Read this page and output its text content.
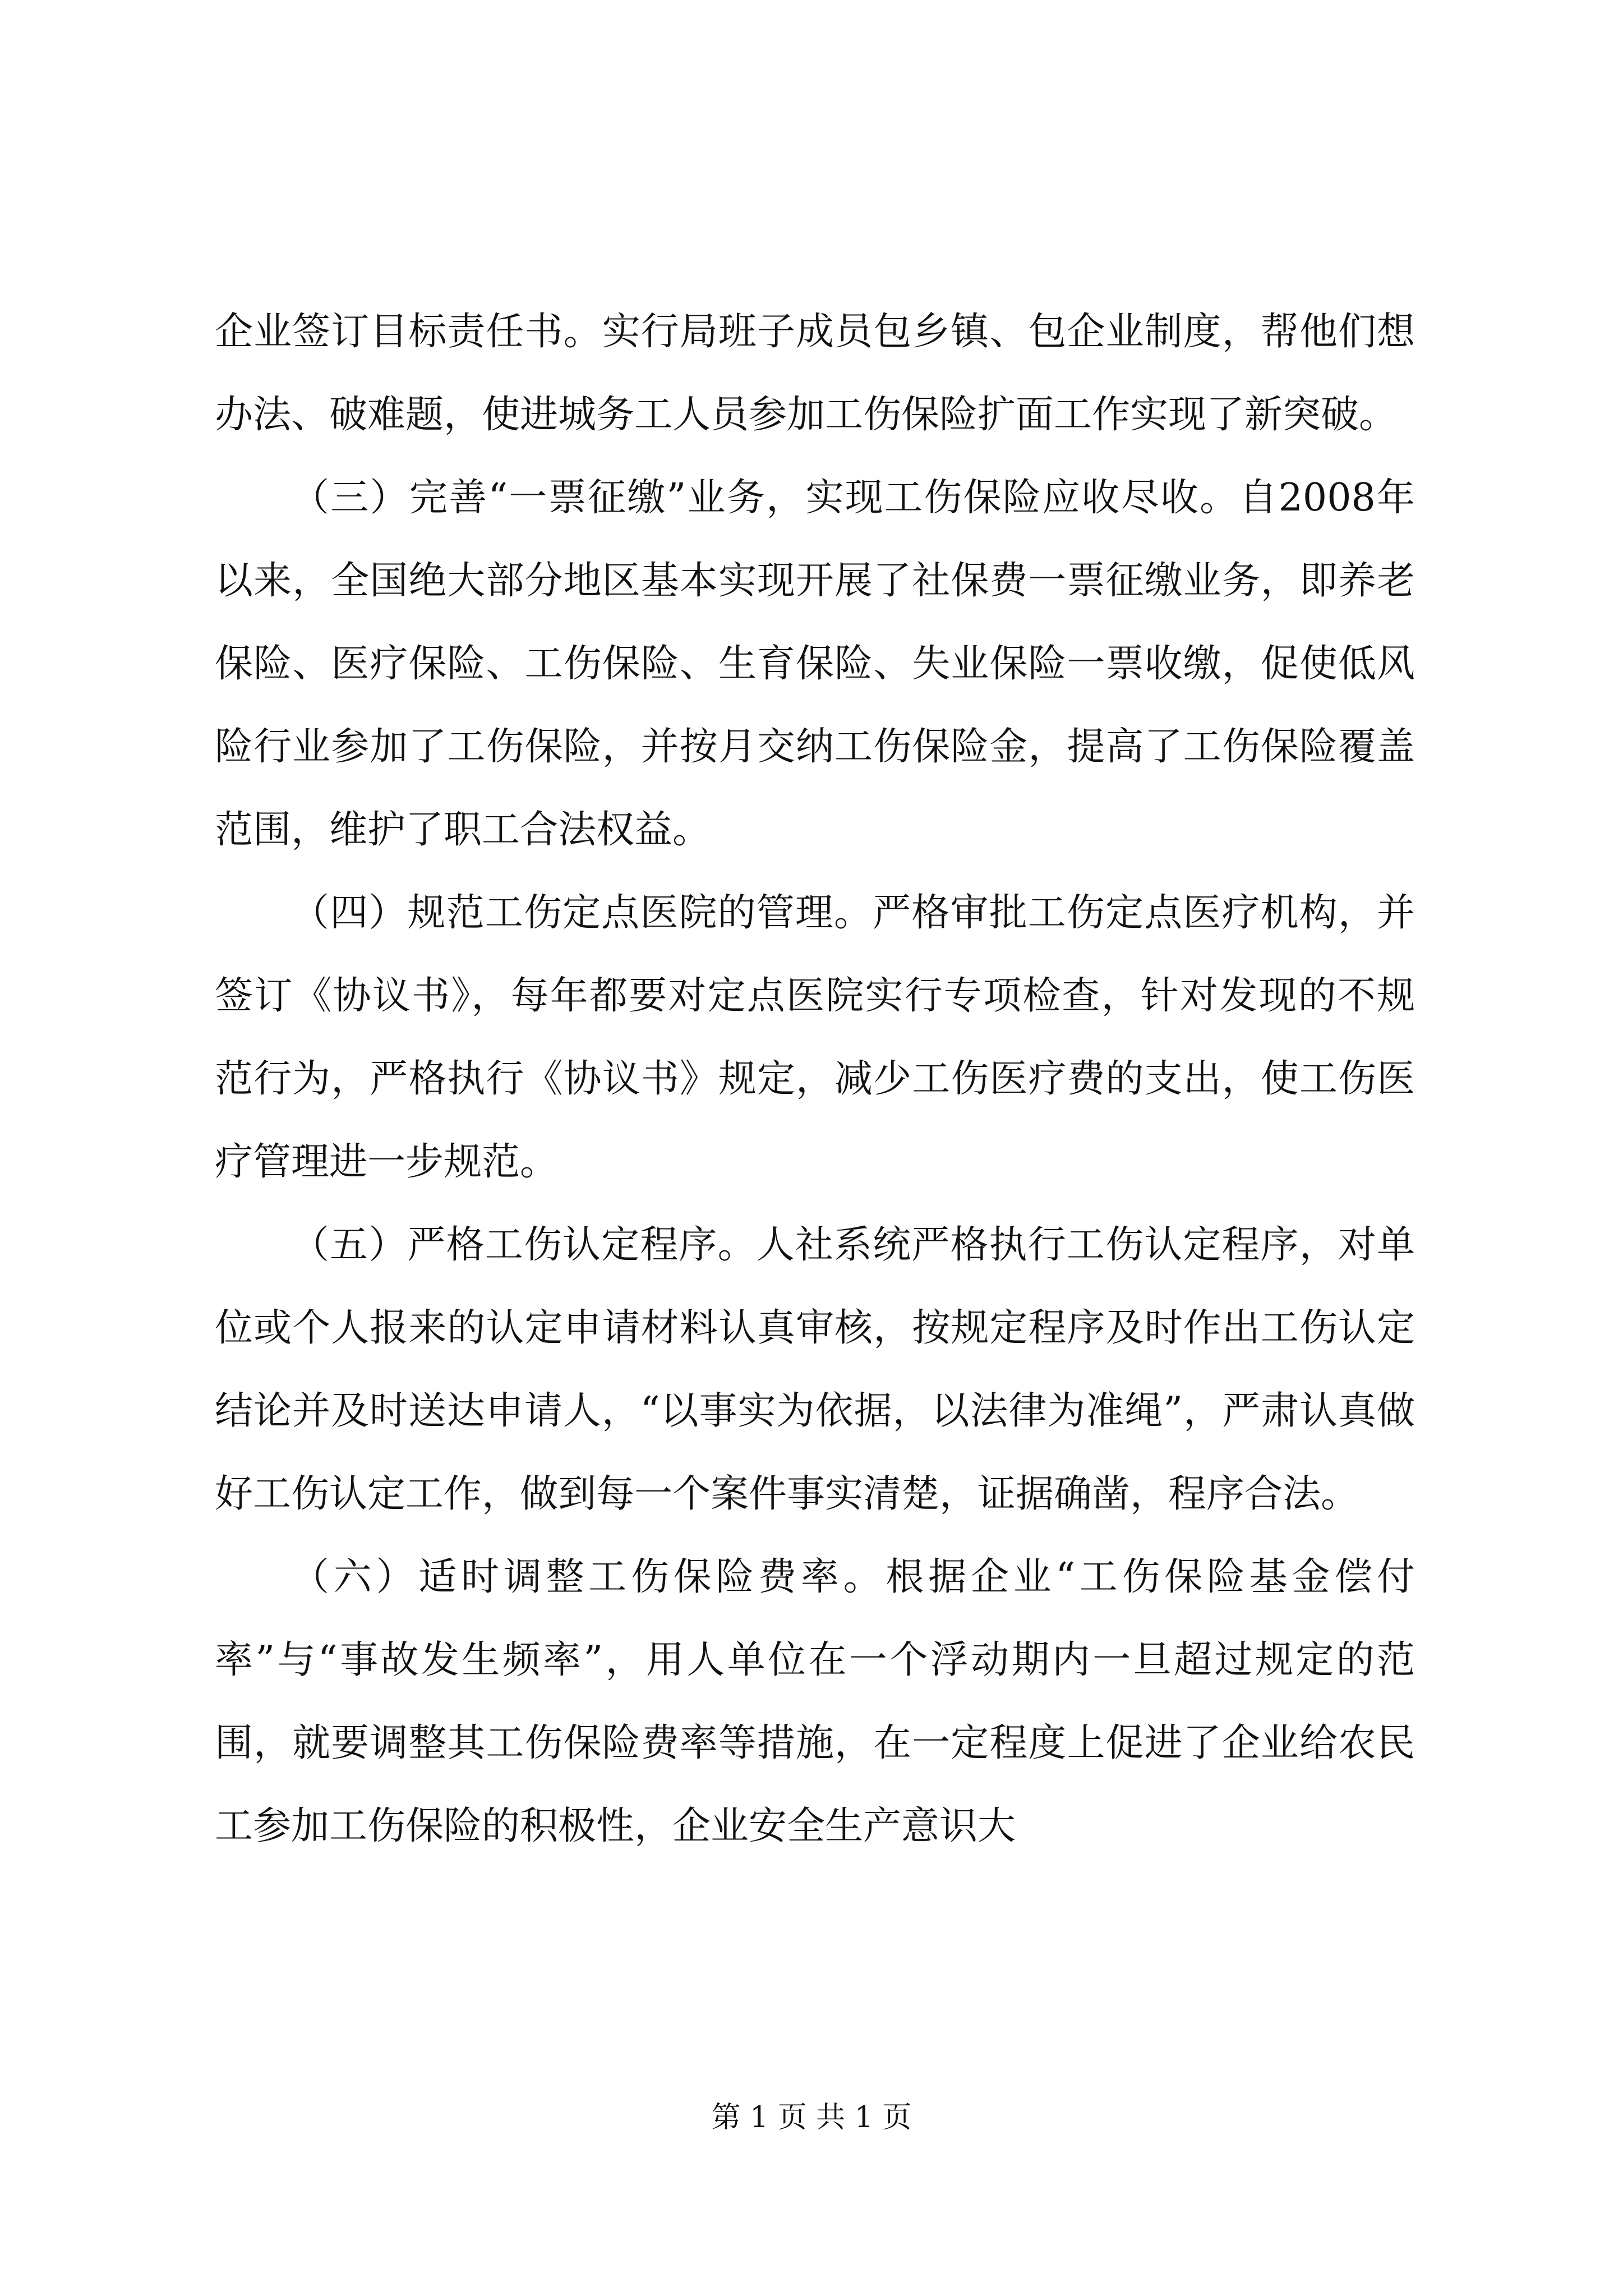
企业签订目标责任书。实行局班子成员包乡镇、包企业制度，帮他们想办法、破难题，使进城务工人员参加工伤保险扩面工作实现了新突破。

（三）完善“一票征缴”业务，实现工伤保险应收尽收。自2008年以来，全国绝大部分地区基本实现开展了社保费一票征缴业务，即养老保险、医疗保险、工伤保险、生育保险、失业保险一票收缴，促使低风险行业参加了工伤保险，并按月交纳工伤保险金，提高了工伤保险覆盖范围，维护了职工合法权益。

（四）规范工伤定点医院的管理。严格审批工伤定点医疗机构，并签订《协议书》，每年都要对定点医院实行专项检查，针对发现的不规范行为，严格执行《协议书》规定，减少工伤医疗费的支出，使工伤医疗管理进一步规范。

（五）严格工伤认定程序。人社系统严格执行工伤认定程序，对单位或个人报来的认定申请材料认真审核，按规定程序及时作出工伤认定结论并及时送达申请人，“以事实为依据，以法律为准绳”，严肃认真做好工伤认定工作，做到每一个案件事实清楚，证据确凿，程序合法。

（六）适时调整工伤保险费率。根据企业“工伤保险基金偿付率”与“事故发生频率”，用人单位在一个浮动期内一旦超过规定的范围，就要调整其工伤保险费率等措施，在一定程度上促进了企业给农民工参加工伤保险的积极性，企业安全生产意识大

第 1 页 共 1 页
